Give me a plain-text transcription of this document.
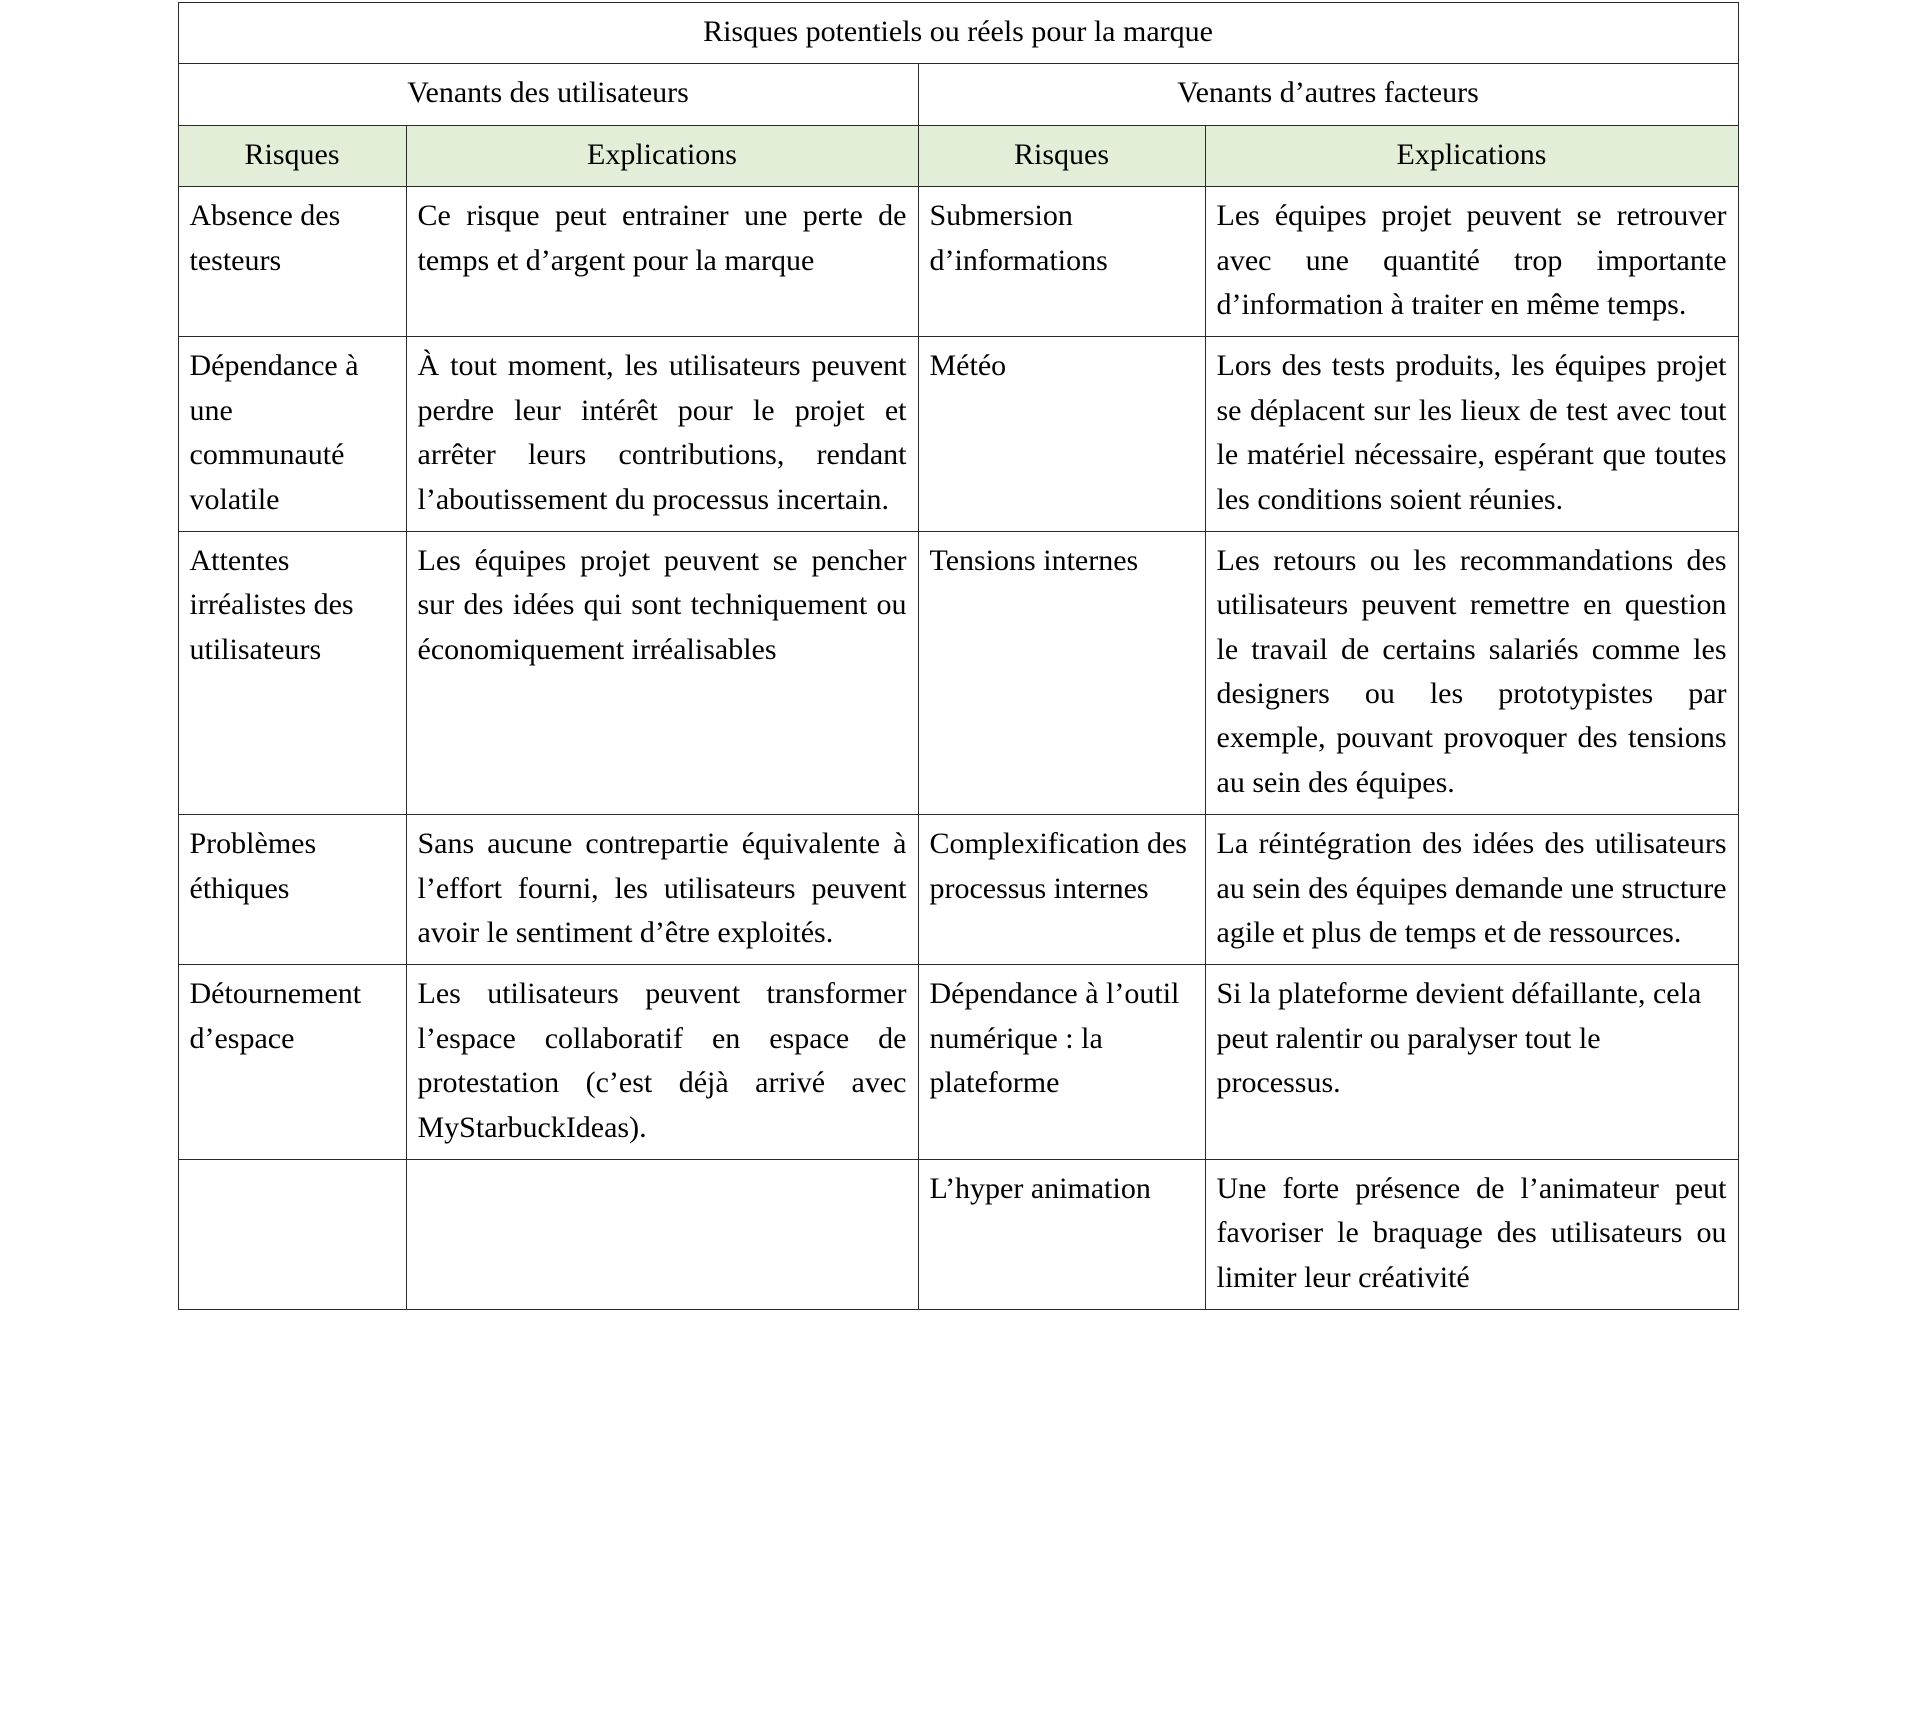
Risques potentiels ou réels pour la marque			
Venants des utilisateurs		Venants d’autres facteurs	
Risques	Explications	Risques	Explications
Absence des testeurs	Ce risque peut entrainer une perte de temps et d’argent pour la marque	Submersion d’informations	Les équipes projet peuvent se retrouver avec une quantité trop importante d’information à traiter en même temps.
Dépendance à une communauté volatile	À tout moment, les utilisateurs peuvent perdre leur intérêt pour le projet et arrêter leurs contributions, rendant l’aboutissement du processus incertain.	Météo	Lors des tests produits, les équipes projet se déplacent sur les lieux de test avec tout le matériel nécessaire, espérant que toutes les conditions soient réunies.
Attentes irréalistes des utilisateurs	Les équipes projet peuvent se pencher sur des idées qui sont techniquement ou économiquement irréalisables	Tensions internes	Les retours ou les recommandations des utilisateurs peuvent remettre en question le travail de certains salariés comme les designers ou les prototypistes par exemple, pouvant provoquer des tensions au sein des équipes.
Problèmes éthiques	Sans aucune contrepartie équivalente à l’effort fourni, les utilisateurs peuvent avoir le sentiment d’être exploités.	Complexification des processus internes	La réintégration des idées des utilisateurs au sein des équipes demande une structure agile et plus de temps et de ressources.
Détournement d’espace	Les utilisateurs peuvent transformer l’espace collaboratif en espace de protestation (c’est déjà arrivé avec MyStarbuckIdeas).	Dépendance à l’outil numérique : la plateforme	Si la plateforme devient défaillante, cela peut ralentir ou paralyser tout le processus.
		L’hyper animation	Une forte présence de l’animateur peut favoriser le braquage des utilisateurs ou limiter leur créativité
